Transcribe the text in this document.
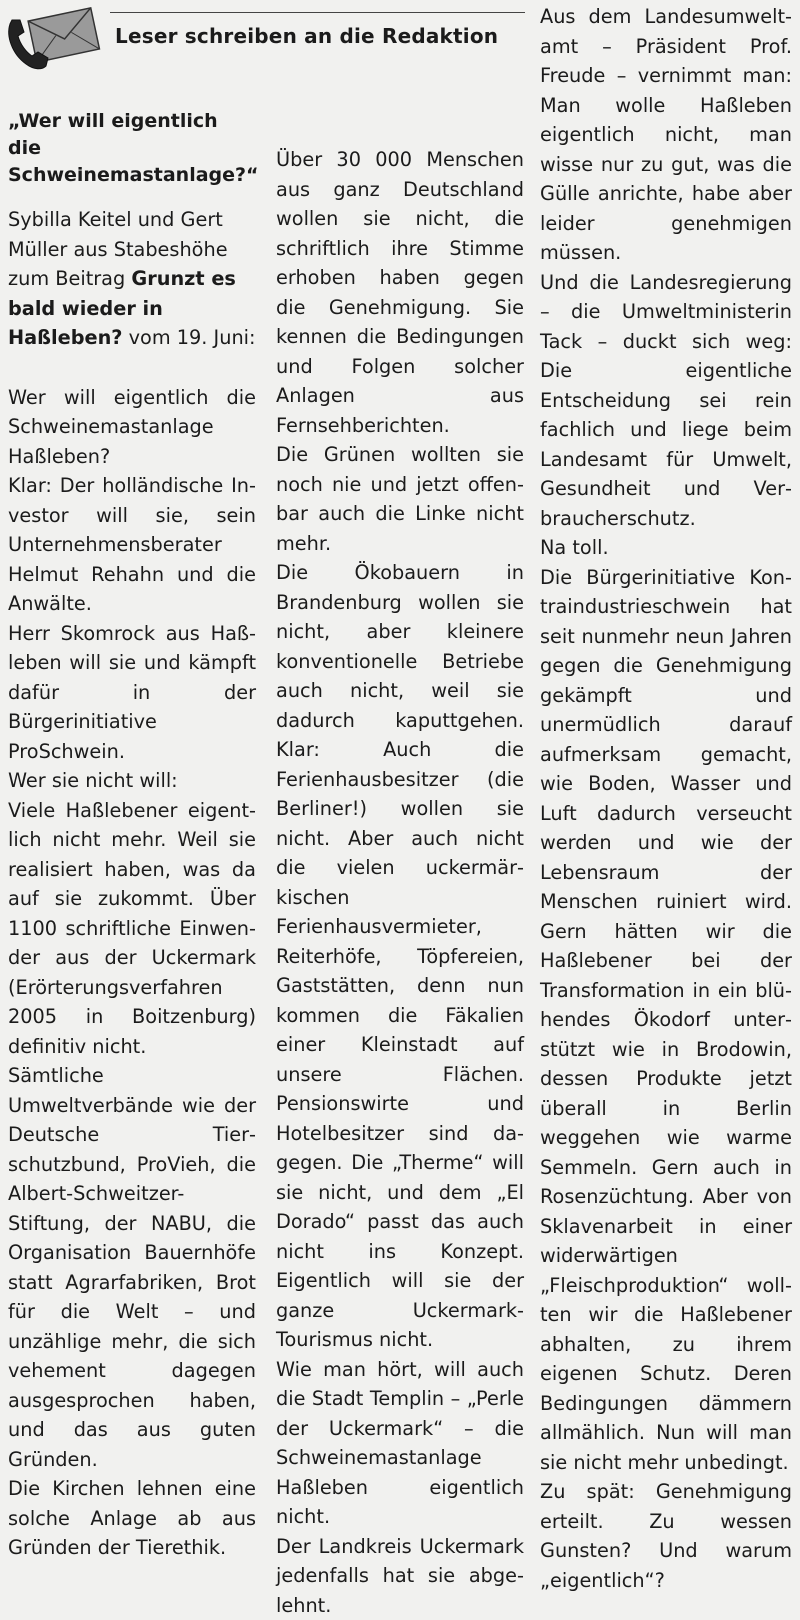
Leser schreiben an die Redaktion
„Wer will eigentlich die Schweinemastanlage?“
Sybilla Keitel und Gert Müller aus Stabeshöhe zum Beitrag Grunzt es bald wieder in Haßleben? vom 19. Juni:

Wer will eigentlich die Schweinemastanlage Haßleben?

Klar: Der holländische Investor will sie, sein Unternehmensberater Helmut Rehahn und die Anwälte.

Herr Skomrock aus Haßleben will sie und kämpft dafür in der Bürgerinitiative ProSchwein.

Wer sie nicht will:

Viele Haßlebener eigentlich nicht mehr. Weil sie realisiert haben, was da auf sie zukommt. Über 1100 schriftliche Einwender aus der Uckermark (Erörterungsverfahren 2005 in Boitzenburg) definitiv nicht.

Sämtliche Umweltverbände wie der Deutsche Tierschutzbund, ProVieh, die Albert-Schweitzer-Stiftung, der NABU, die Organisation Bauernhöfe statt Agrarfabriken, Brot für die Welt – und unzählige mehr, die sich vehement dagegen ausgesprochen haben, und das aus guten Gründen.

Die Kirchen lehnen eine solche Anlage ab aus Gründen der Tierethik.

Über 30 000 Menschen aus ganz Deutschland wollen sie nicht, die schriftlich ihre Stimme erhoben haben gegen die Genehmigung. Sie kennen die Bedingungen und Folgen solcher Anlagen aus Fernsehberichten.

Die Grünen wollten sie noch nie und jetzt offenbar auch die Linke nicht mehr.

Die Ökobauern in Brandenburg wollen sie nicht, aber kleinere konventionelle Betriebe auch nicht, weil sie dadurch kaputtgehen. Klar: Auch die Ferienhausbesitzer (die Berliner!) wollen sie nicht. Aber auch nicht die vielen uckermärkischen Ferienhausvermieter, Reiterhöfe, Töpfereien, Gaststätten, denn nun kommen die Fäkalien einer Kleinstadt auf unsere Flächen. Pensionswirte und Hotelbesitzer sind dagegen. Die „Therme“ will sie nicht, und dem „El Dorado“ passt das auch nicht ins Konzept. Eigentlich will sie der ganze Uckermark-Tourismus nicht.

Wie man hört, will auch die Stadt Templin – „Perle der Uckermark“ – die Schweinemastanlage Haßleben eigentlich nicht.

Der Landkreis Uckermark jedenfalls hat sie abgelehnt.

Aus dem Landesumweltamt – Präsident Prof. Freude – vernimmt man: Man wolle Haßleben eigentlich nicht, man wisse nur zu gut, was die Gülle anrichte, habe aber leider genehmigen müssen.

Und die Landesregierung – die Umweltministerin Tack – duckt sich weg: Die eigentliche Entscheidung sei rein fachlich und liege beim Landesamt für Umwelt, Gesundheit und Verbraucherschutz.

Na toll.

Die Bürgerinitiative Kontraindustrieschwein hat seit nunmehr neun Jahren gegen die Genehmigung gekämpft und unermüdlich darauf aufmerksam gemacht, wie Boden, Wasser und Luft dadurch verseucht werden und wie der Lebensraum der Menschen ruiniert wird. Gern hätten wir die Haßlebener bei der Transformation in ein blühendes Ökodorf unterstützt wie in Brodowin, dessen Produkte jetzt überall in Berlin weggehen wie warme Semmeln. Gern auch in Rosenzüchtung. Aber von Sklavenarbeit in einer widerwärtigen „Fleischproduktion“ wollten wir die Haßlebener abhalten, zu ihrem eigenen Schutz. Deren Bedingungen dämmern allmählich. Nun will man sie nicht mehr unbedingt.

Zu spät: Genehmigung erteilt. Zu wessen Gunsten? Und warum „eigentlich“?
